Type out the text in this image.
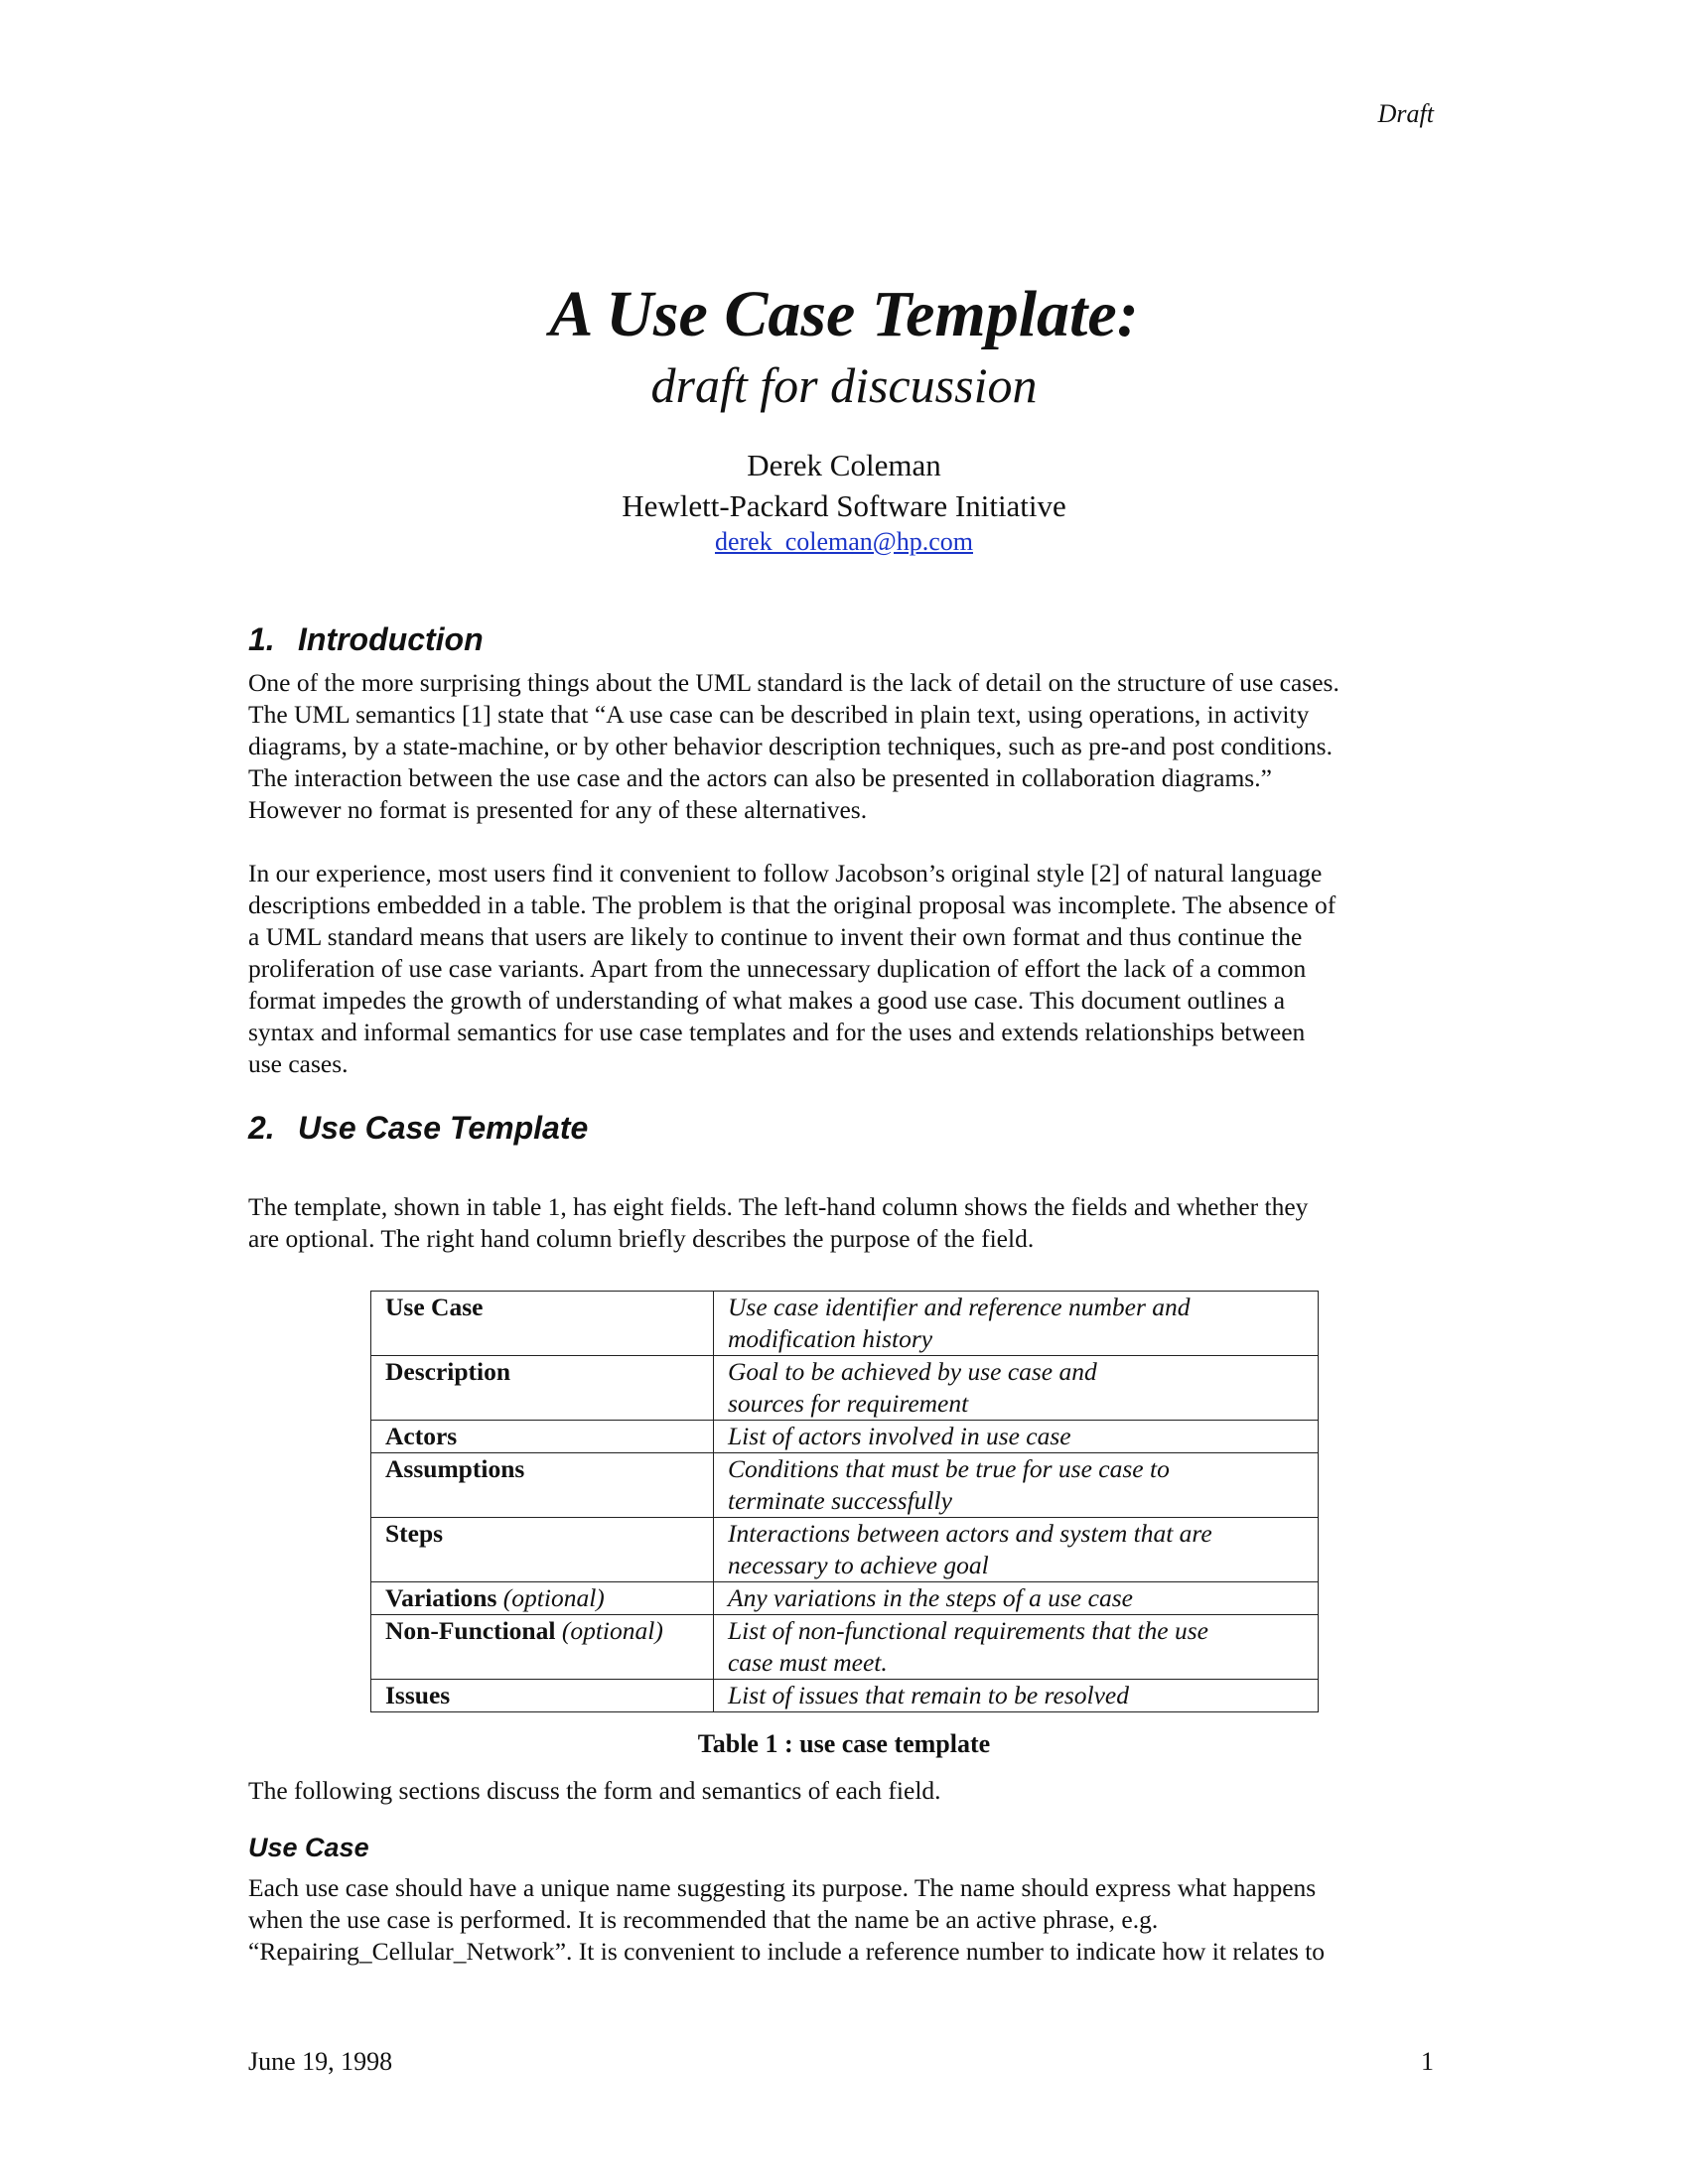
Draft
A Use Case Template:
draft for discussion
Derek Coleman
Hewlett-Packard Software Initiative
derek_coleman@hp.com
1. Introduction
One of the more surprising things about the UML standard is the lack of detail on the structure of use cases.
The UML semantics [1] state that “A use case can be described in plain text, using operations, in activity
diagrams, by a state-machine, or by other behavior description techniques, such as pre-and post conditions.
The interaction between the use case and the actors can also be presented in collaboration diagrams.”
However no format is presented for any of these alternatives.
In our experience, most users find it convenient to follow Jacobson’s original style [2] of natural language
descriptions embedded in a table. The problem is that the original proposal was incomplete. The absence of
a UML standard means that users are likely to continue to invent their own format and thus continue the
proliferation of use case variants. Apart from the unnecessary duplication of effort the lack of a common
format impedes the growth of understanding of what makes a good use case. This document outlines a
syntax and informal semantics for use case templates and for the uses and extends relationships between
use cases.
2. Use Case Template
The template, shown in table 1, has eight fields. The left-hand column shows the fields and whether they
are optional. The right hand column briefly describes the purpose of the field.
Use Case	Use case identifier and reference number and
modification history
Description	Goal to be achieved by use case and
sources for requirement
Actors	List of actors involved in use case
Assumptions	Conditions that must be true for use case to
terminate successfully
Steps	Interactions between actors and system that are
necessary to achieve goal
Variations (optional)	Any variations in the steps of a use case
Non-Functional (optional)	List of non-functional requirements that the use
case must meet.
Issues	List of issues that remain to be resolved
Table 1 : use case template
The following sections discuss the form and semantics of each field.
Use Case
Each use case should have a unique name suggesting its purpose. The name should express what happens
when the use case is performed. It is recommended that the name be an active phrase, e.g.
“Repairing_Cellular_Network”. It is convenient to include a reference number to indicate how it relates to
June 19, 1998	1
